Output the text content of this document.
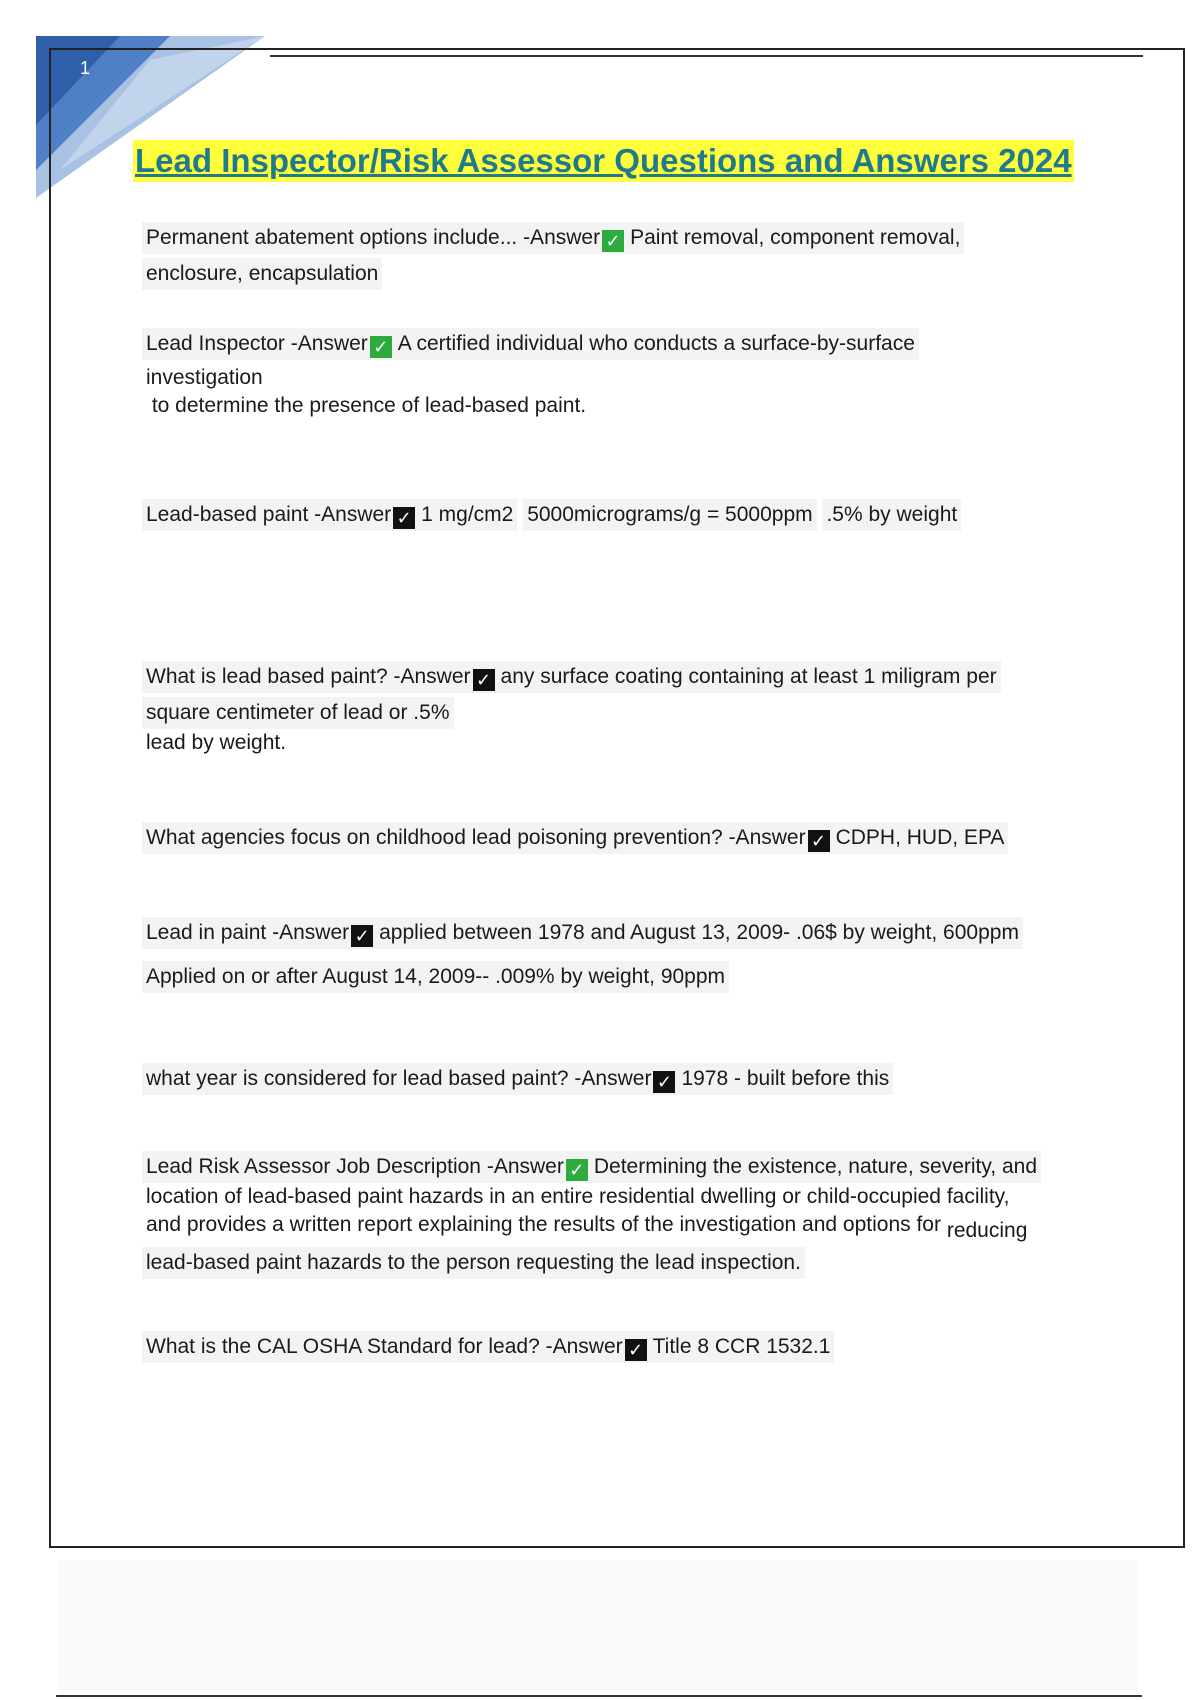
1
Lead Inspector/Risk Assessor Questions and Answers 2024
Permanent abatement options include... -Answer ✓ Paint removal, component removal, enclosure, encapsulation
Lead Inspector -Answer ✓ A certified individual who conducts a surface-by-surface
investigation
to determine the presence of lead-based paint.
Lead-based paint -Answer ✓ 1 mg/cm2 5000micrograms/g = 5000ppm .5% by weight
What is lead based paint? -Answer ✓ any surface coating containing at least 1 miligram per square centimeter of lead or .5%
lead by weight.
What agencies focus on childhood lead poisoning prevention? -Answer ✓ CDPH, HUD, EPA
Lead in paint -Answer ✓ applied between 1978 and August 13, 2009- .06$ by weight, 600ppm Applied on or after August 14, 2009-- .009% by weight, 90ppm
what year is considered for lead based paint? -Answer ✓ 1978 - built before this
Lead Risk Assessor Job Description -Answer ✓ Determining the existence, nature, severity, and
location of lead-based paint hazards in an entire residential dwelling or child-occupied facility,
and provides a written report explaining the results of the investigation and options for reducing
lead-based paint hazards to the person requesting the lead inspection.
What is the CAL OSHA Standard for lead? -Answer ✓ Title 8 CCR 1532.1
